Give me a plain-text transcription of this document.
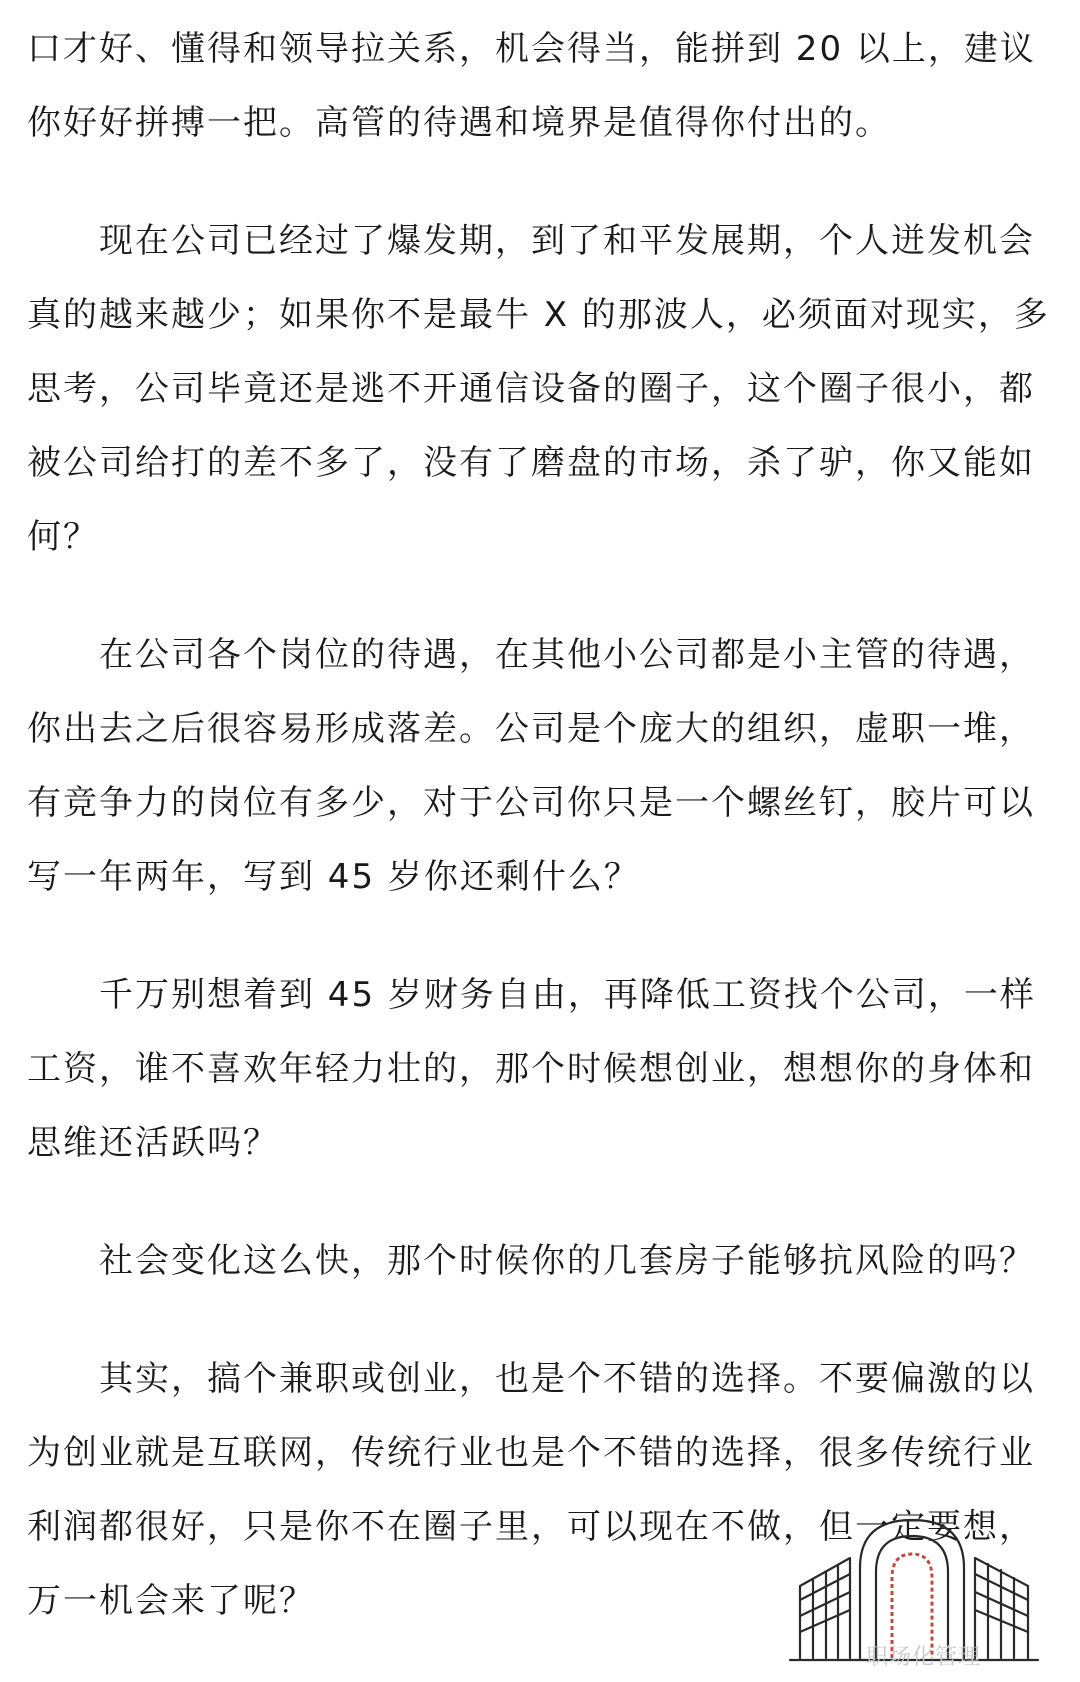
口才好、懂得和领导拉关系，机会得当，能拼到 20 以上，建议
你好好拼搏一把。高管的待遇和境界是值得你付出的。

现在公司已经过了爆发期，到了和平发展期，个人迸发机会
真的越来越少；如果你不是最牛 X 的那波人，必须面对现实，多
思考，公司毕竟还是逃不开通信设备的圈子，这个圈子很小，都
被公司给打的差不多了，没有了磨盘的市场，杀了驴，你又能如
何？

在公司各个岗位的待遇，在其他小公司都是小主管的待遇，
你出去之后很容易形成落差。公司是个庞大的组织，虚职一堆，
有竞争力的岗位有多少，对于公司你只是一个螺丝钉，胶片可以
写一年两年，写到 45 岁你还剩什么？

千万别想着到 45 岁财务自由，再降低工资找个公司，一样
工资，谁不喜欢年轻力壮的，那个时候想创业，想想你的身体和
思维还活跃吗？

社会变化这么快，那个时候你的几套房子能够抗风险的吗？

其实，搞个兼职或创业，也是个不错的选择。不要偏激的以
为创业就是互联网，传统行业也是个不错的选择，很多传统行业
利润都很好，只是你不在圈子里，可以现在不做，但一定要想，
万一机会来了呢？

职场化管理
